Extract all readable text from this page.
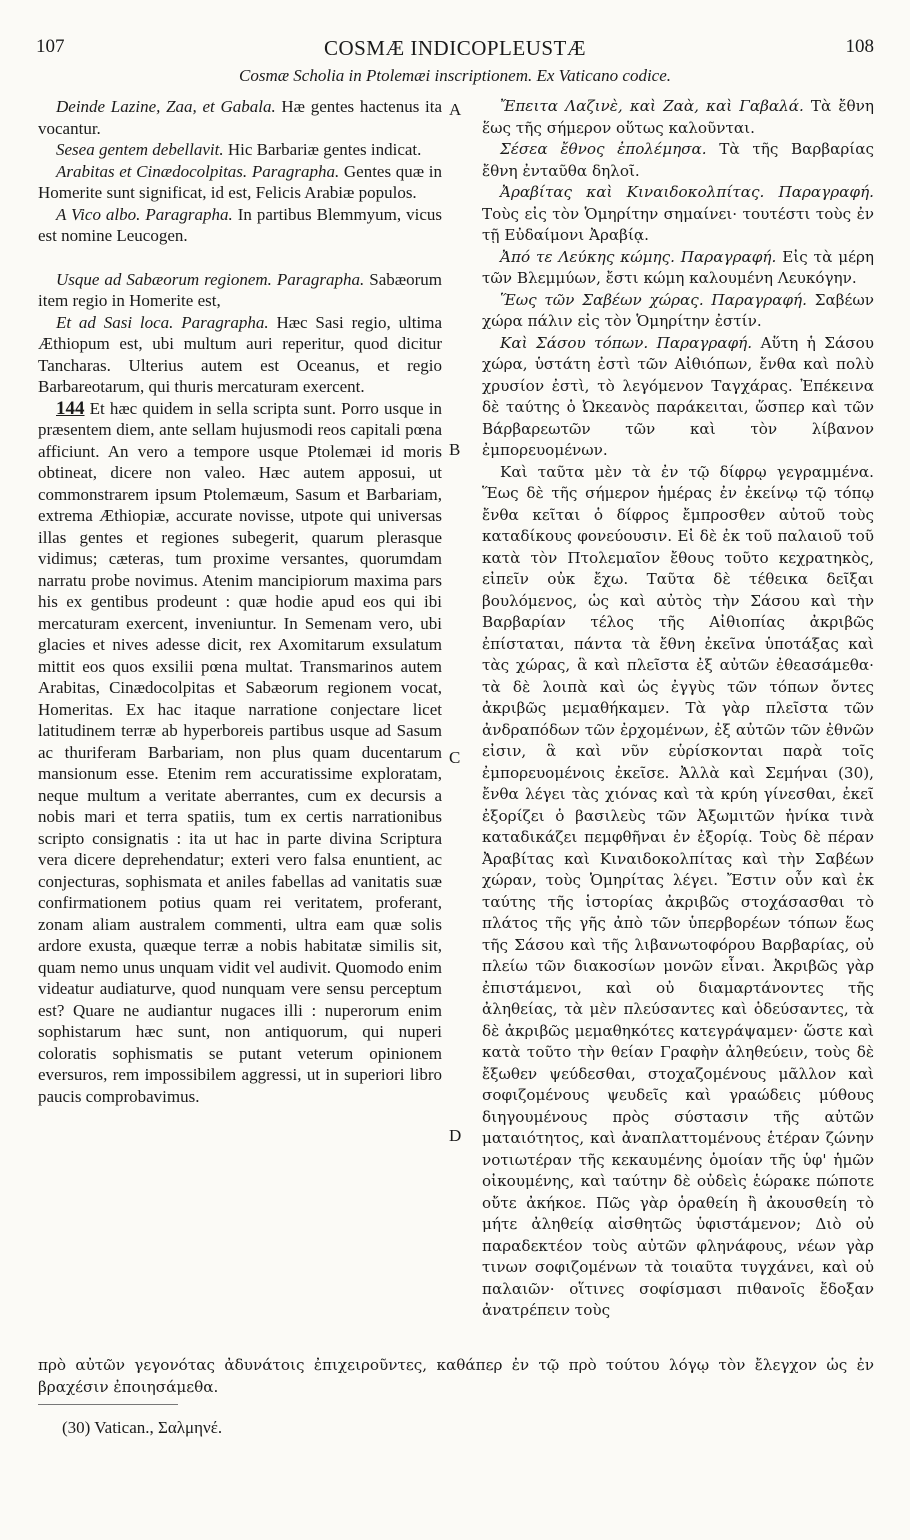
107	COSMÆ INDICOPLEUSTÆ	108
Cosmæ Scholia in Ptolemæi inscriptionem. Ex Vaticano codice.

Deinde Lazine, Zaa, et Gabala. Hæ gentes hactenus ita vocantur.

Sesea gentem debellavit. Hic Barbariæ gentes indicat.

Arabitas et Cinædocolpitas. Paragrapha. Gentes quæ in Homerite sunt significat, id est, Felicis Arabiæ populos.

A Vico albo. Paragrapha. In partibus Blemmyum, vicus est nomine Leucogen.

Usque ad Sabæorum regionem. Paragrapha. Sabæorum item regio in Homerite est,

Et ad Sasi loca. Paragrapha. Hæc Sasi regio, ultima Æthiopum est, ubi multum auri reperitur, quod dicitur Tancharas. Ulterius autem est Oceanus, et regio Barbareotarum, qui thuris mercaturam exercent.

144 Et hæc quidem in sella scripta sunt. Porro usque in præsentem diem, ante sellam hujusmodi reos capitali pœna afficiunt. An vero a tempore usque Ptolemæi id moris obtineat, dicere non valeo. Hæc autem apposui, ut commonstrarem ipsum Ptolemæum, Sasum et Barbariam, extrema Æthiopiæ, accurate novisse, utpote qui universas illas gentes et regiones subegerit, quarum plerasque vidimus; cæteras, tum proxime versantes, quorumdam narratu probe novimus. Atenim mancipiorum maxima pars his ex gentibus prodeunt : quæ hodie apud eos qui ibi mercaturam exercent, inveniuntur. In Semenam vero, ubi glacies et nives adesse dicit, rex Axomitarum exsulatum mittit eos quos exsilii pœna multat. Transmarinos autem Arabitas, Cinædocolpitas et Sabæorum regionem vocat, Homeritas. Ex hac itaque narratione conjectare licet latitudinem terræ ab hyperboreis partibus usque ad Sasum ac thuriferam Barbariam, non plus quam ducentarum mansionum esse. Etenim rem accuratissime exploratam, neque multum a veritate aberrantes, cum ex decursis a nobis mari et terra spatiis, tum ex certis narrationibus scripto consignatis : ita ut hac in parte divina Scriptura vera dicere deprehendatur; exteri vero falsa enuntient, ac conjecturas, sophismata et aniles fabellas ad vanitatis suæ confirmationem potius quam rei veritatem, proferant, zonam aliam australem commenti, ultra eam quæ solis ardore exusta, quæque terræ a nobis habitatæ similis sit, quam nemo unus unquam vidit vel audivit. Quomodo enim videatur audiaturve, quod nunquam vere sensu perceptum est? Quare ne audiantur nugaces illi : nuperorum enim sophistarum hæc sunt, non antiquorum, qui nuperi coloratis sophismatis se putant veterum opinionem eversuros, rem impossibilem aggressi, ut in superiori libro paucis comprobavimus.

A
B
C
D

Ἔπειτα Λαζινὲ, καὶ Ζαὰ, καὶ Γαβαλά. Τὰ ἔθνη ἕως τῆς σήμερον οὕτως καλοῦνται.

Σέσεα ἔθνος ἐπολέμησα. Τὰ τῆς Βαρβαρίας ἔθνη ἐνταῦθα δηλοῖ.

Ἀραβίτας καὶ Κιναιδοκολπίτας. Παραγραφή. Τοὺς εἰς τὸν Ὁμηρίτην σημαίνει· τουτέστι τοὺς ἐν τῇ Εὐδαίμονι Ἀραβίᾳ.

Ἀπό τε Λεύκης κώμης. Παραγραφή. Εἰς τὰ μέρη τῶν Βλεμμύων, ἔστι κώμη καλουμένη Λευκόγην.

Ἕως τῶν Σαβέων χώρας. Παραγραφή. Σαβέων χώρα πάλιν εἰς τὸν Ὁμηρίτην ἐστίν.

Καὶ Σάσου τόπων. Παραγραφή. Αὕτη ἡ Σάσου χώρα, ὑστάτη ἐστὶ τῶν Αἰθιόπων, ἔνθα καὶ πολὺ χρυσίον ἐστὶ, τὸ λεγόμενον Ταγχάρας. Ἐπέκεινα δὲ ταύτης ὁ Ὠκεανὸς παράκειται, ὥσπερ καὶ τῶν Βάρβαρεωτῶν τῶν καὶ τὸν λίβανον ἐμπορευομένων.

Καὶ ταῦτα μὲν τὰ ἐν τῷ δίφρῳ γεγραμμένα. Ἕως δὲ τῆς σήμερον ἡμέρας ἐν ἐκείνῳ τῷ τόπῳ ἔνθα κεῖται ὁ δίφρος ἔμπροσθεν αὐτοῦ τοὺς καταδίκους φονεύουσιν. Εἰ δὲ ἐκ τοῦ παλαιοῦ τοῦ κατὰ τὸν Πτολεμαῖον ἔθους τοῦτο κεχρατηκὸς, εἰπεῖν οὐκ ἔχω. Ταῦτα δὲ τέθεικα δεῖξαι βουλόμενος, ὡς καὶ αὐτὸς τὴν Σάσου καὶ τὴν Βαρβαρίαν τέλος τῆς Αἰθιοπίας ἀκριβῶς ἐπίσταται, πάντα τὰ ἔθνη ἐκεῖνα ὑποτάξας καὶ τὰς χώρας, ἃ καὶ πλεῖστα ἐξ αὐτῶν ἐθεασάμεθα· τὰ δὲ λοιπὰ καὶ ὡς ἐγγὺς τῶν τόπων ὄντες ἀκριβῶς μεμαθήκαμεν. Τὰ γὰρ πλεῖστα τῶν ἀνδραπόδων τῶν ἐρχομένων, ἐξ αὐτῶν τῶν ἐθνῶν εἰσιν, ἃ καὶ νῦν εὑρίσκονται παρὰ τοῖς ἐμπορευομένοις ἐκεῖσε. Ἀλλὰ καὶ Σεμήναι (30), ἔνθα λέγει τὰς χιόνας καὶ τὰ κρύη γίνεσθαι, ἐκεῖ ἐξορίζει ὁ βασιλεὺς τῶν Ἀξωμιτῶν ἡνίκα τινὰ καταδικάζει πεμφθῆναι ἐν ἐξορίᾳ. Τοὺς δὲ πέραν Ἀραβίτας καὶ Κιναιδοκολπίτας καὶ τὴν Σαβέων χώραν, τοὺς Ὁμηρίτας λέγει. Ἔστιν οὖν καὶ ἐκ ταύτης τῆς ἱστορίας ἀκριβῶς στοχάσασθαι τὸ πλάτος τῆς γῆς ἀπὸ τῶν ὑπερβορέων τόπων ἕως τῆς Σάσου καὶ τῆς λιβανωτοφόρου Βαρβαρίας, οὐ πλείω τῶν διακοσίων μονῶν εἶναι. Ἀκριβῶς γὰρ ἐπιστάμενοι, καὶ οὐ διαμαρτάνοντες τῆς ἀληθείας, τὰ μὲν πλεύσαντες καὶ ὁδεύσαντες, τὰ δὲ ἀκριβῶς μεμαθηκότες κατεγράψαμεν· ὥστε καὶ κατὰ τοῦτο τὴν θείαν Γραφὴν ἀληθεύειν, τοὺς δὲ ἔξωθεν ψεύδεσθαι, στοχαζομένους μᾶλλον καὶ σοφιζομένους ψευδεῖς καὶ γραώδεις μύθους διηγουμένους πρὸς σύστασιν τῆς αὐτῶν ματαιότητος, καὶ ἀναπλαττομένους ἑτέραν ζώνην νοτιωτέραν τῆς κεκαυμένης ὁμοίαν τῆς ὑφ' ἡμῶν οἰκουμένης, καὶ ταύτην δὲ οὐδεὶς ἑώρακε πώποτε οὔτε ἀκήκοε. Πῶς γὰρ ὁραθείη ἢ ἀκουσθείη τὸ μήτε ἀληθείᾳ αἰσθητῶς ὑφιστάμενον; Διὸ οὐ παραδεκτέον τοὺς αὐτῶν φληνάφους, νέων γὰρ τινων σοφιζομένων τὰ τοιαῦτα τυγχάνει, καὶ οὐ παλαιῶν· οἵτινες σοφίσμασι πιθανοῖς ἔδοξαν ἀνατρέπειν τοὺς

πρὸ αὐτῶν γεγονότας ἀδυνάτοις ἐπιχειροῦντες, καθάπερ ἐν τῷ πρὸ τούτου λόγῳ τὸν ἔλεγχον ὡς ἐν βραχέσιν ἐποιησάμεθα.

(30) Vatican., Σαλμηνέ.
